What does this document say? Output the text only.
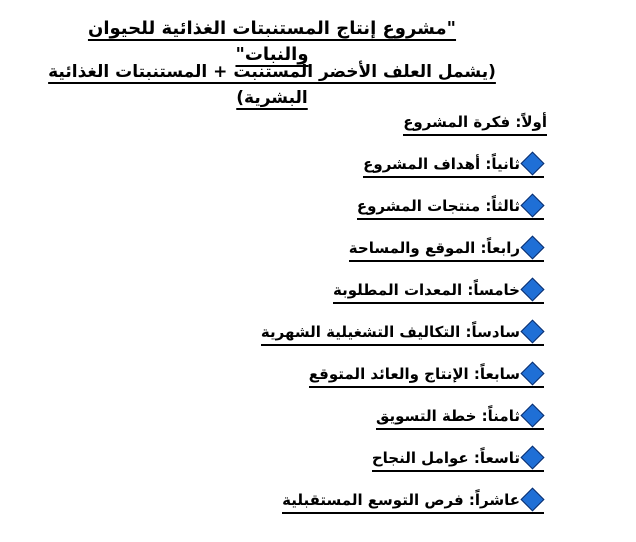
"مشروع إنتاج المستنبتات الغذائية للحيوان والنبات"
(يشمل العلف الأخضر المستنبت + المستنبتات الغذائية البشرية)
أولاً: فكرة المشروع
ثانياً: أهداف المشروع
ثالثاً: منتجات المشروع
رابعاً: الموقع والمساحة
خامساً: المعدات المطلوبة
سادساً: التكاليف التشغيلية الشهرية
سابعاً: الإنتاج والعائد المتوقع
ثامناً: خطة التسويق
تاسعاً: عوامل النجاح
عاشراً: فرص التوسع المستقبلية
